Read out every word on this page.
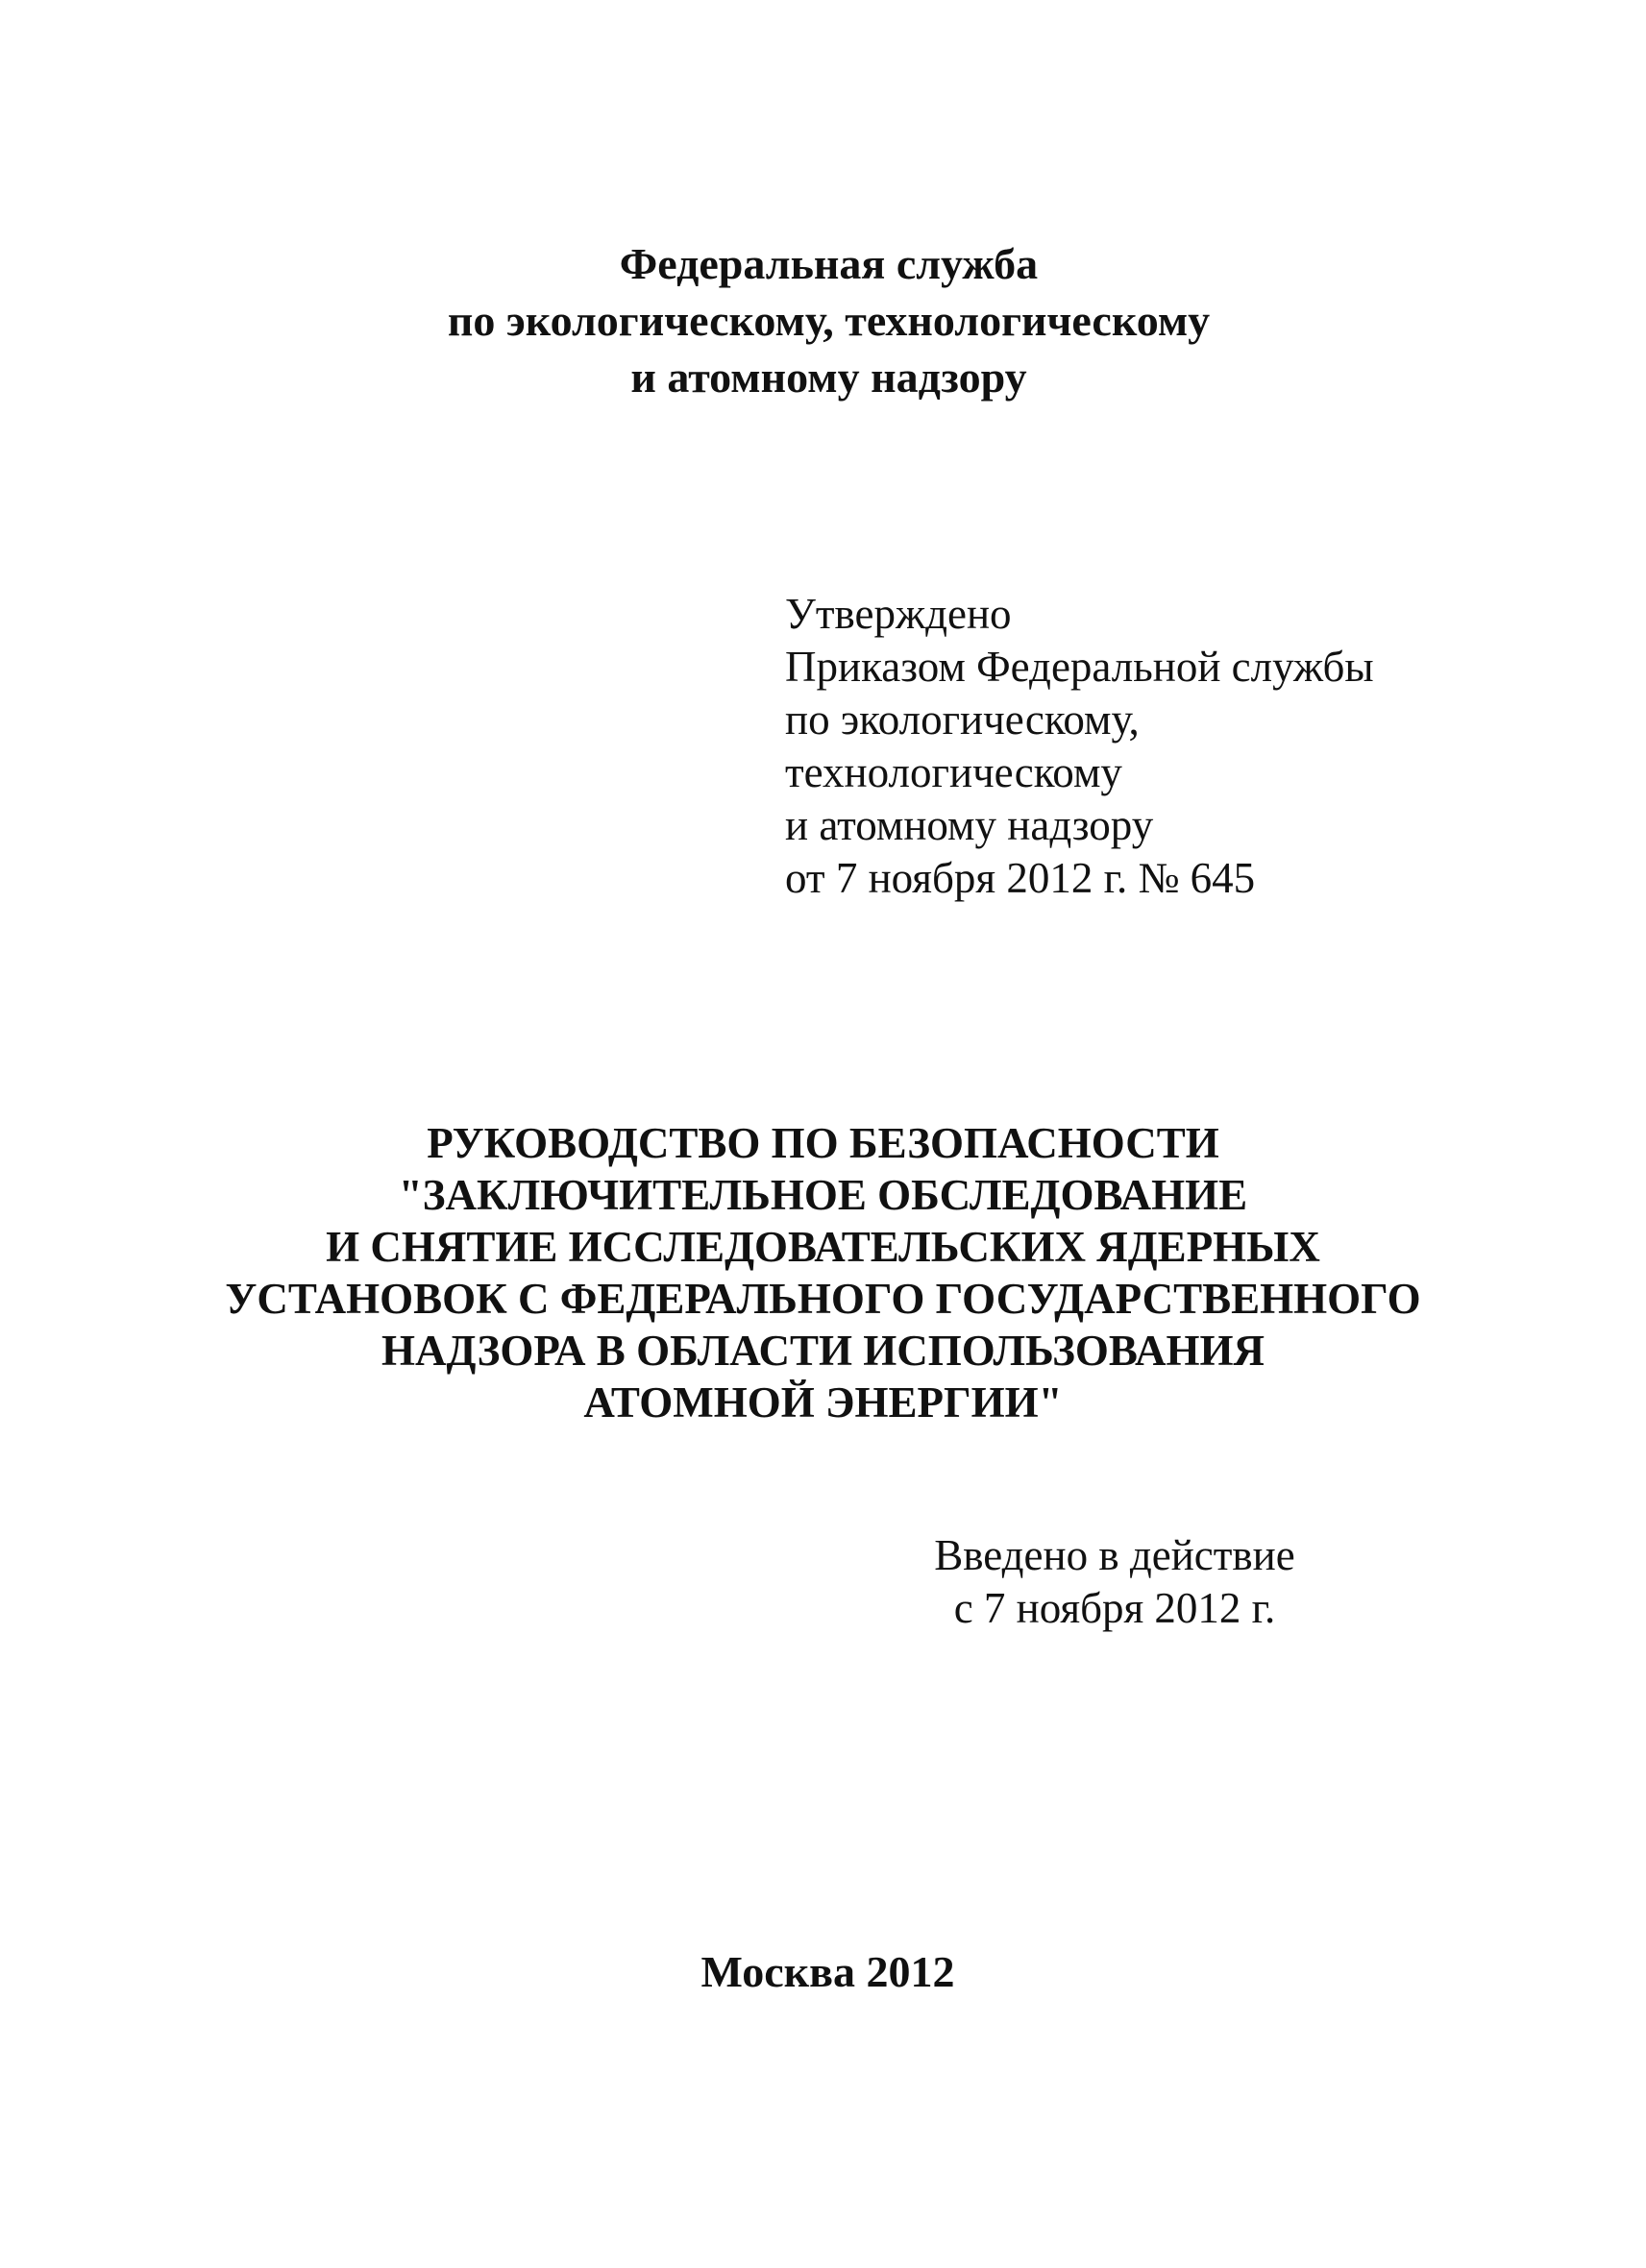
Федеральная служба
по экологическому, технологическому
и атомному надзору
Утверждено
Приказом Федеральной службы
по экологическому,
технологическому
и атомному надзору
от 7 ноября 2012 г. № 645
РУКОВОДСТВО ПО БЕЗОПАСНОСТИ
"ЗАКЛЮЧИТЕЛЬНОЕ ОБСЛЕДОВАНИЕ
И СНЯТИЕ ИССЛЕДОВАТЕЛЬСКИХ ЯДЕРНЫХ
УСТАНОВОК С ФЕДЕРАЛЬНОГО ГОСУДАРСТВЕННОГО
НАДЗОРА В ОБЛАСТИ ИСПОЛЬЗОВАНИЯ
АТОМНОЙ ЭНЕРГИИ"
Введено в действие
с 7 ноября 2012 г.
Москва 2012
